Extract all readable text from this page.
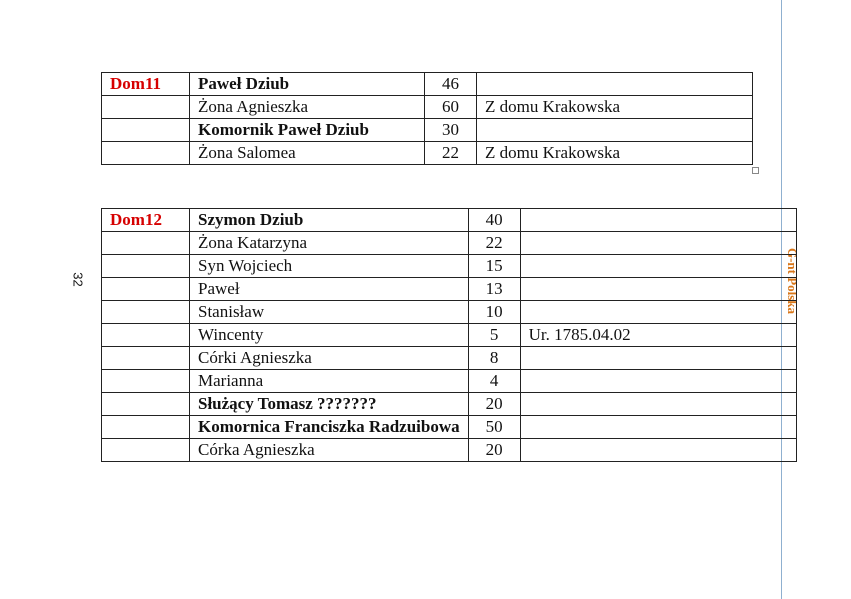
32	G-nt Polska
Dom11	Paweł Dziub	46	
	Żona Agnieszka	60	Z domu Krakowska
	Komornik Paweł Dziub	30	
	Żona Salomea	22	Z domu Krakowska
Dom12	Szymon Dziub	40	
	Żona Katarzyna	22	
	Syn Wojciech	15	
	Paweł	13	
	Stanisław	10	
	Wincenty	5	Ur. 1785.04.02
	Córki Agnieszka	8	
	Marianna	4	
	Służący Tomasz ???????	20	
	Komornica Franciszka Radzuibowa	50	
	Córka Agnieszka	20	
